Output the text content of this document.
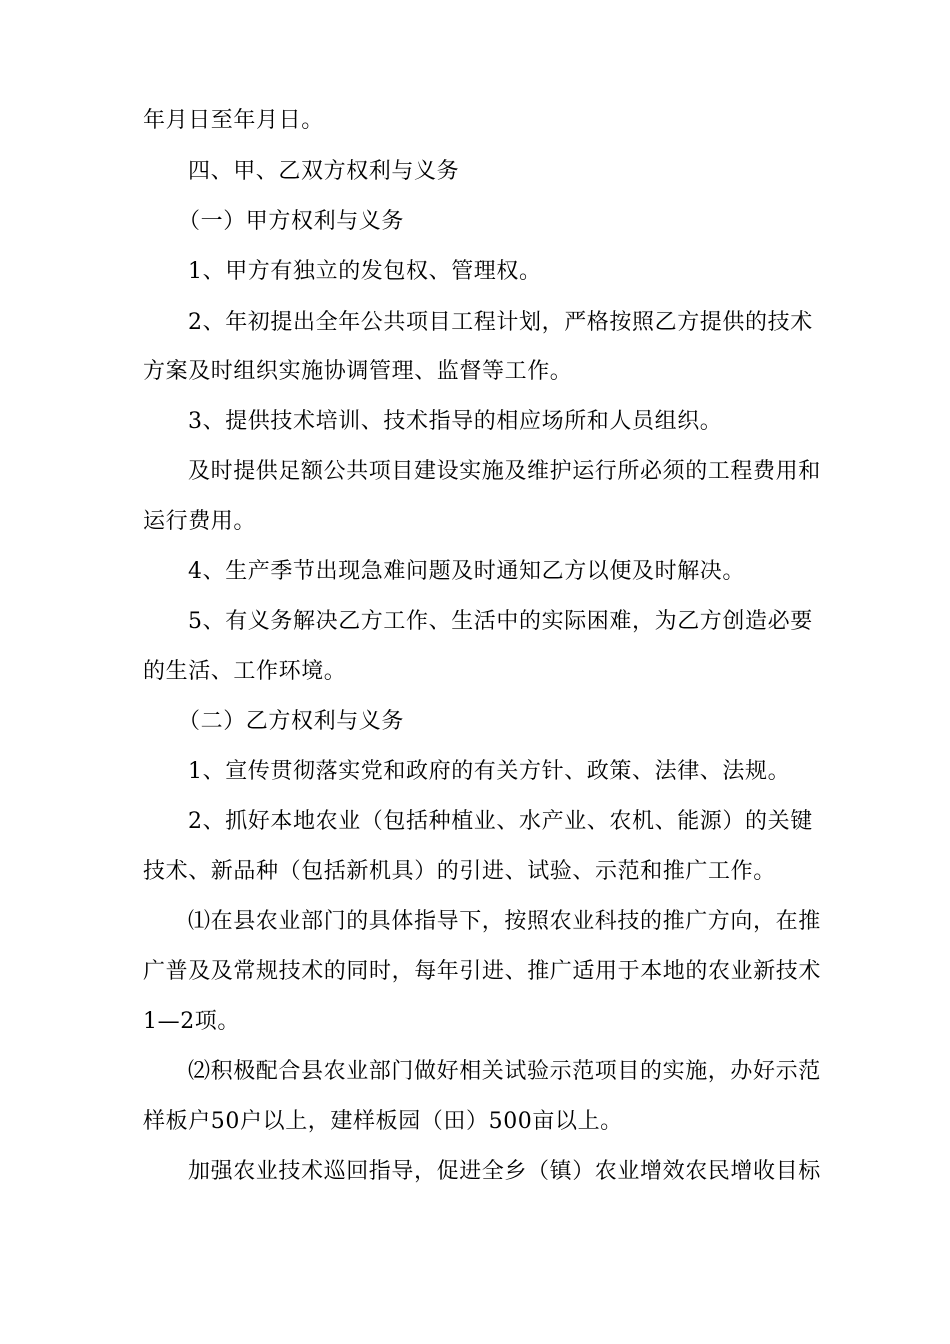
年月日至年月日。
四、甲、乙双方权利与义务
（一）甲方权利与义务
1、甲方有独立的发包权、管理权。
2、年初提出全年公共项目工程计划，严格按照乙方提供的技术
方案及时组织实施协调管理、监督等工作。
3、提供技术培训、技术指导的相应场所和人员组织。
及时提供足额公共项目建设实施及维护运行所必须的工程费用和
运行费用。
4、生产季节出现急难问题及时通知乙方以便及时解决。
5、有义务解决乙方工作、生活中的实际困难，为乙方创造必要
的生活、工作环境。
（二）乙方权利与义务
1、宣传贯彻落实党和政府的有关方针、政策、法律、法规。
2、抓好本地农业（包括种植业、水产业、农机、能源）的关键
技术、新品种（包括新机具）的引进、试验、示范和推广工作。
⑴在县农业部门的具体指导下，按照农业科技的推广方向，在推
广普及及常规技术的同时，每年引进、推广适用于本地的农业新技术
1—2项。
⑵积极配合县农业部门做好相关试验示范项目的实施，办好示范
样板户50户以上，建样板园（田）500亩以上。
加强农业技术巡回指导，促进全乡（镇）农业增效农民增收目标
